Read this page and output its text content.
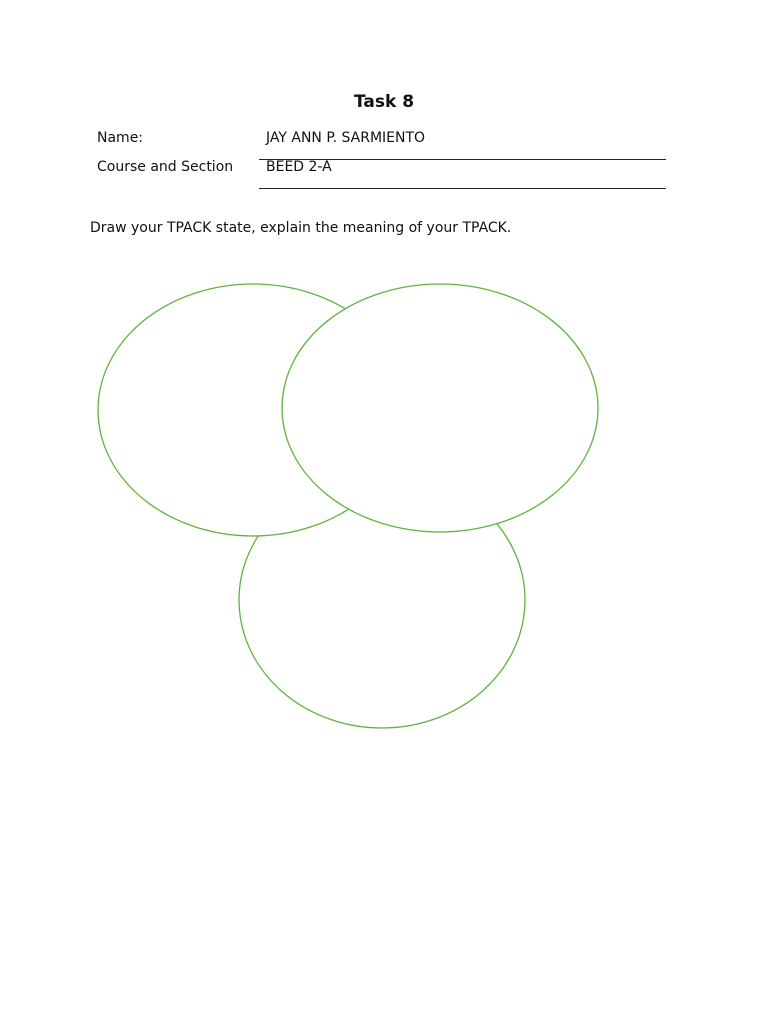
Task 8
Name:	JAY ANN P. SARMIENTO
Course and Section BEED 2-A
Draw your TPACK state, explain the meaning of your TPACK.
